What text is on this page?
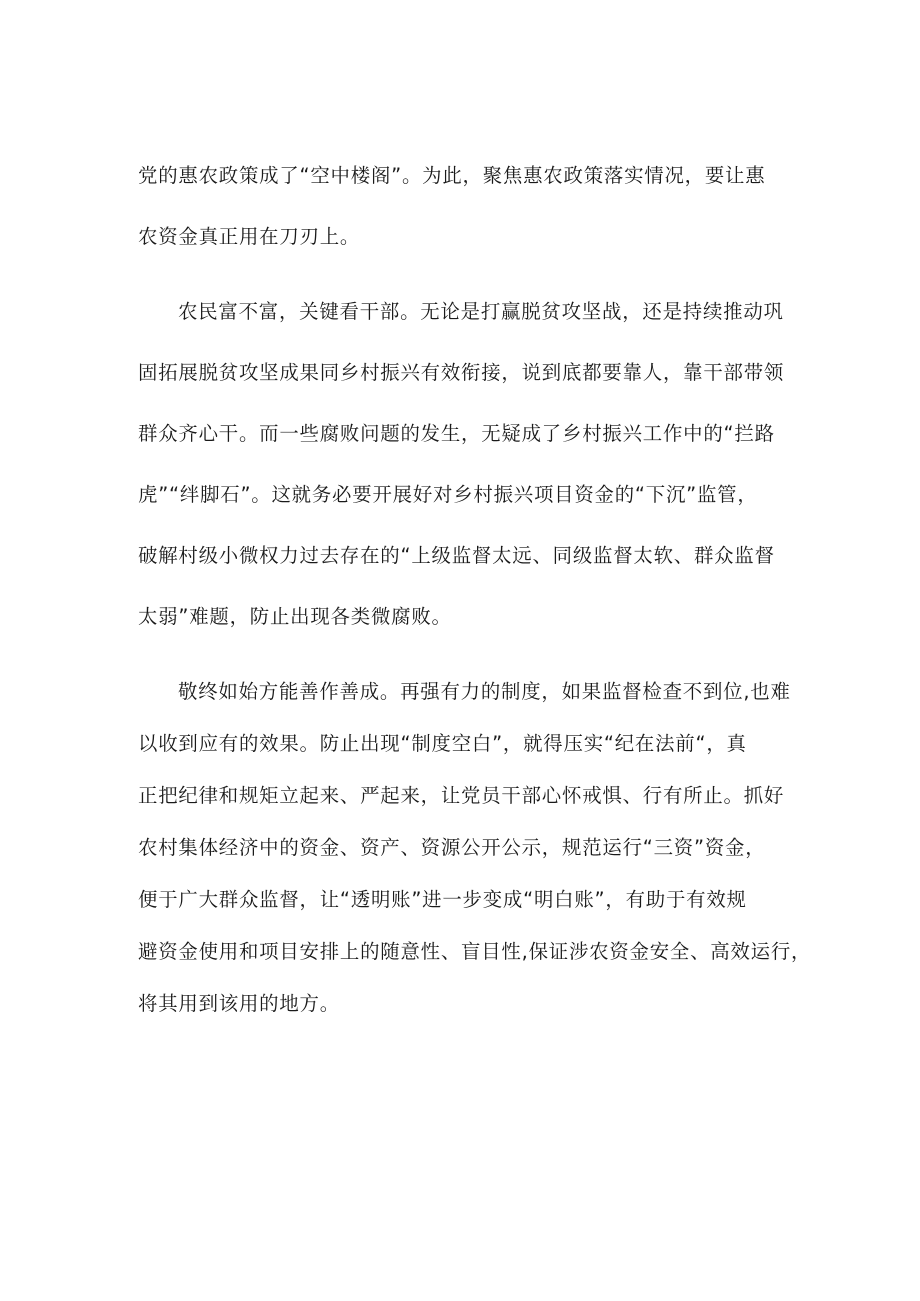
党的惠农政策成了“空中楼阁”。为此，聚焦惠农政策落实情况，要让惠
农资金真正用在刀刃上。
农民富不富，关键看干部。无论是打赢脱贫攻坚战，还是持续推动巩
固拓展脱贫攻坚成果同乡村振兴有效衔接，说到底都要靠人，靠干部带领
群众齐心干。而一些腐败问题的发生，无疑成了乡村振兴工作中的“拦路
虎”“绊脚石”。这就务必要开展好对乡村振兴项目资金的“下沉”监管，
破解村级小微权力过去存在的“上级监督太远、同级监督太软、群众监督
太弱”难题，防止出现各类微腐败。
敬终如始方能善作善成。再强有力的制度，如果监督检查不到位,也难
以收到应有的效果。防止出现“制度空白”，就得压实“纪在法前“，真
正把纪律和规矩立起来、严起来，让党员干部心怀戒惧、行有所止。抓好
农村集体经济中的资金、资产、资源公开公示，规范运行“三资”资金，
便于广大群众监督，让“透明账”进一步变成“明白账”，有助于有效规
避资金使用和项目安排上的随意性、盲目性,保证涉农资金安全、高效运行，
将其用到该用的地方。
